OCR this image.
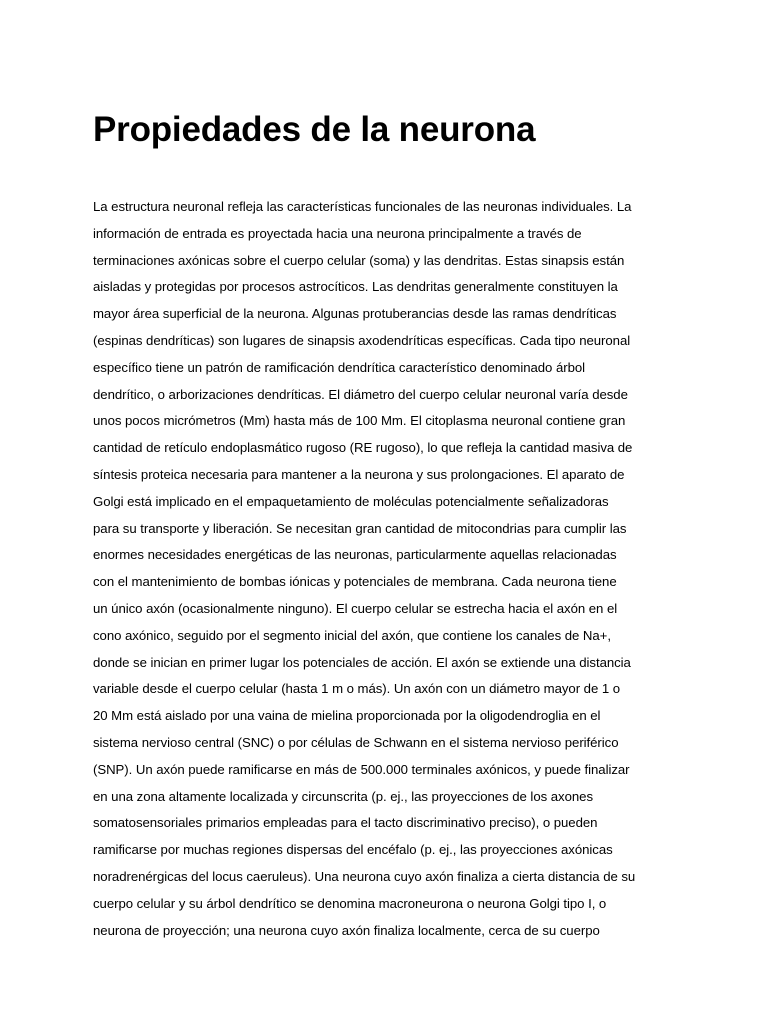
Propiedades de la neurona
La estructura neuronal refleja las características funcionales de las neuronas individuales. La
información de entrada es proyectada hacia una neurona principalmente a través de
terminaciones axónicas sobre el cuerpo celular (soma) y las dendritas. Estas sinapsis están
aisladas y protegidas por procesos astrocíticos. Las dendritas generalmente constituyen la
mayor área superficial de la neurona. Algunas protuberancias desde las ramas dendríticas
(espinas dendríticas) son lugares de sinapsis axodendríticas específicas. Cada tipo neuronal
específico tiene un patrón de ramificación dendrítica característico denominado árbol
dendrítico, o arborizaciones dendríticas. El diámetro del cuerpo celular neuronal varía desde
unos pocos micrómetros (Mm) hasta más de 100 Mm. El citoplasma neuronal contiene gran
cantidad de retículo endoplasmático rugoso (RE rugoso), lo que refleja la cantidad masiva de
síntesis proteica necesaria para mantener a la neurona y sus prolongaciones. El aparato de
Golgi está implicado en el empaquetamiento de moléculas potencialmente señalizadoras
para su transporte y liberación. Se necesitan gran cantidad de mitocondrias para cumplir las
enormes necesidades energéticas de las neuronas, particularmente aquellas relacionadas
con el mantenimiento de bombas iónicas y potenciales de membrana. Cada neurona tiene
un único axón (ocasionalmente ninguno). El cuerpo celular se estrecha hacia el axón en el
cono axónico, seguido por el segmento inicial del axón, que contiene los canales de Na+,
donde se inician en primer lugar los potenciales de acción. El axón se extiende una distancia
variable desde el cuerpo celular (hasta 1 m o más). Un axón con un diámetro mayor de 1 o
20 Mm está aislado por una vaina de mielina proporcionada por la oligodendroglia en el
sistema nervioso central (SNC) o por células de Schwann en el sistema nervioso periférico
(SNP). Un axón puede ramificarse en más de 500.000 terminales axónicos, y puede finalizar
en una zona altamente localizada y circunscrita (p. ej., las proyecciones de los axones
somatosensoriales primarios empleadas para el tacto discriminativo preciso), o pueden
ramificarse por muchas regiones dispersas del encéfalo (p. ej., las proyecciones axónicas
noradrenérgicas del locus caeruleus). Una neurona cuyo axón finaliza a cierta distancia de su
cuerpo celular y su árbol dendrítico se denomina macroneurona o neurona Golgi tipo I, o
neurona de proyección; una neurona cuyo axón finaliza localmente, cerca de su cuerpo
